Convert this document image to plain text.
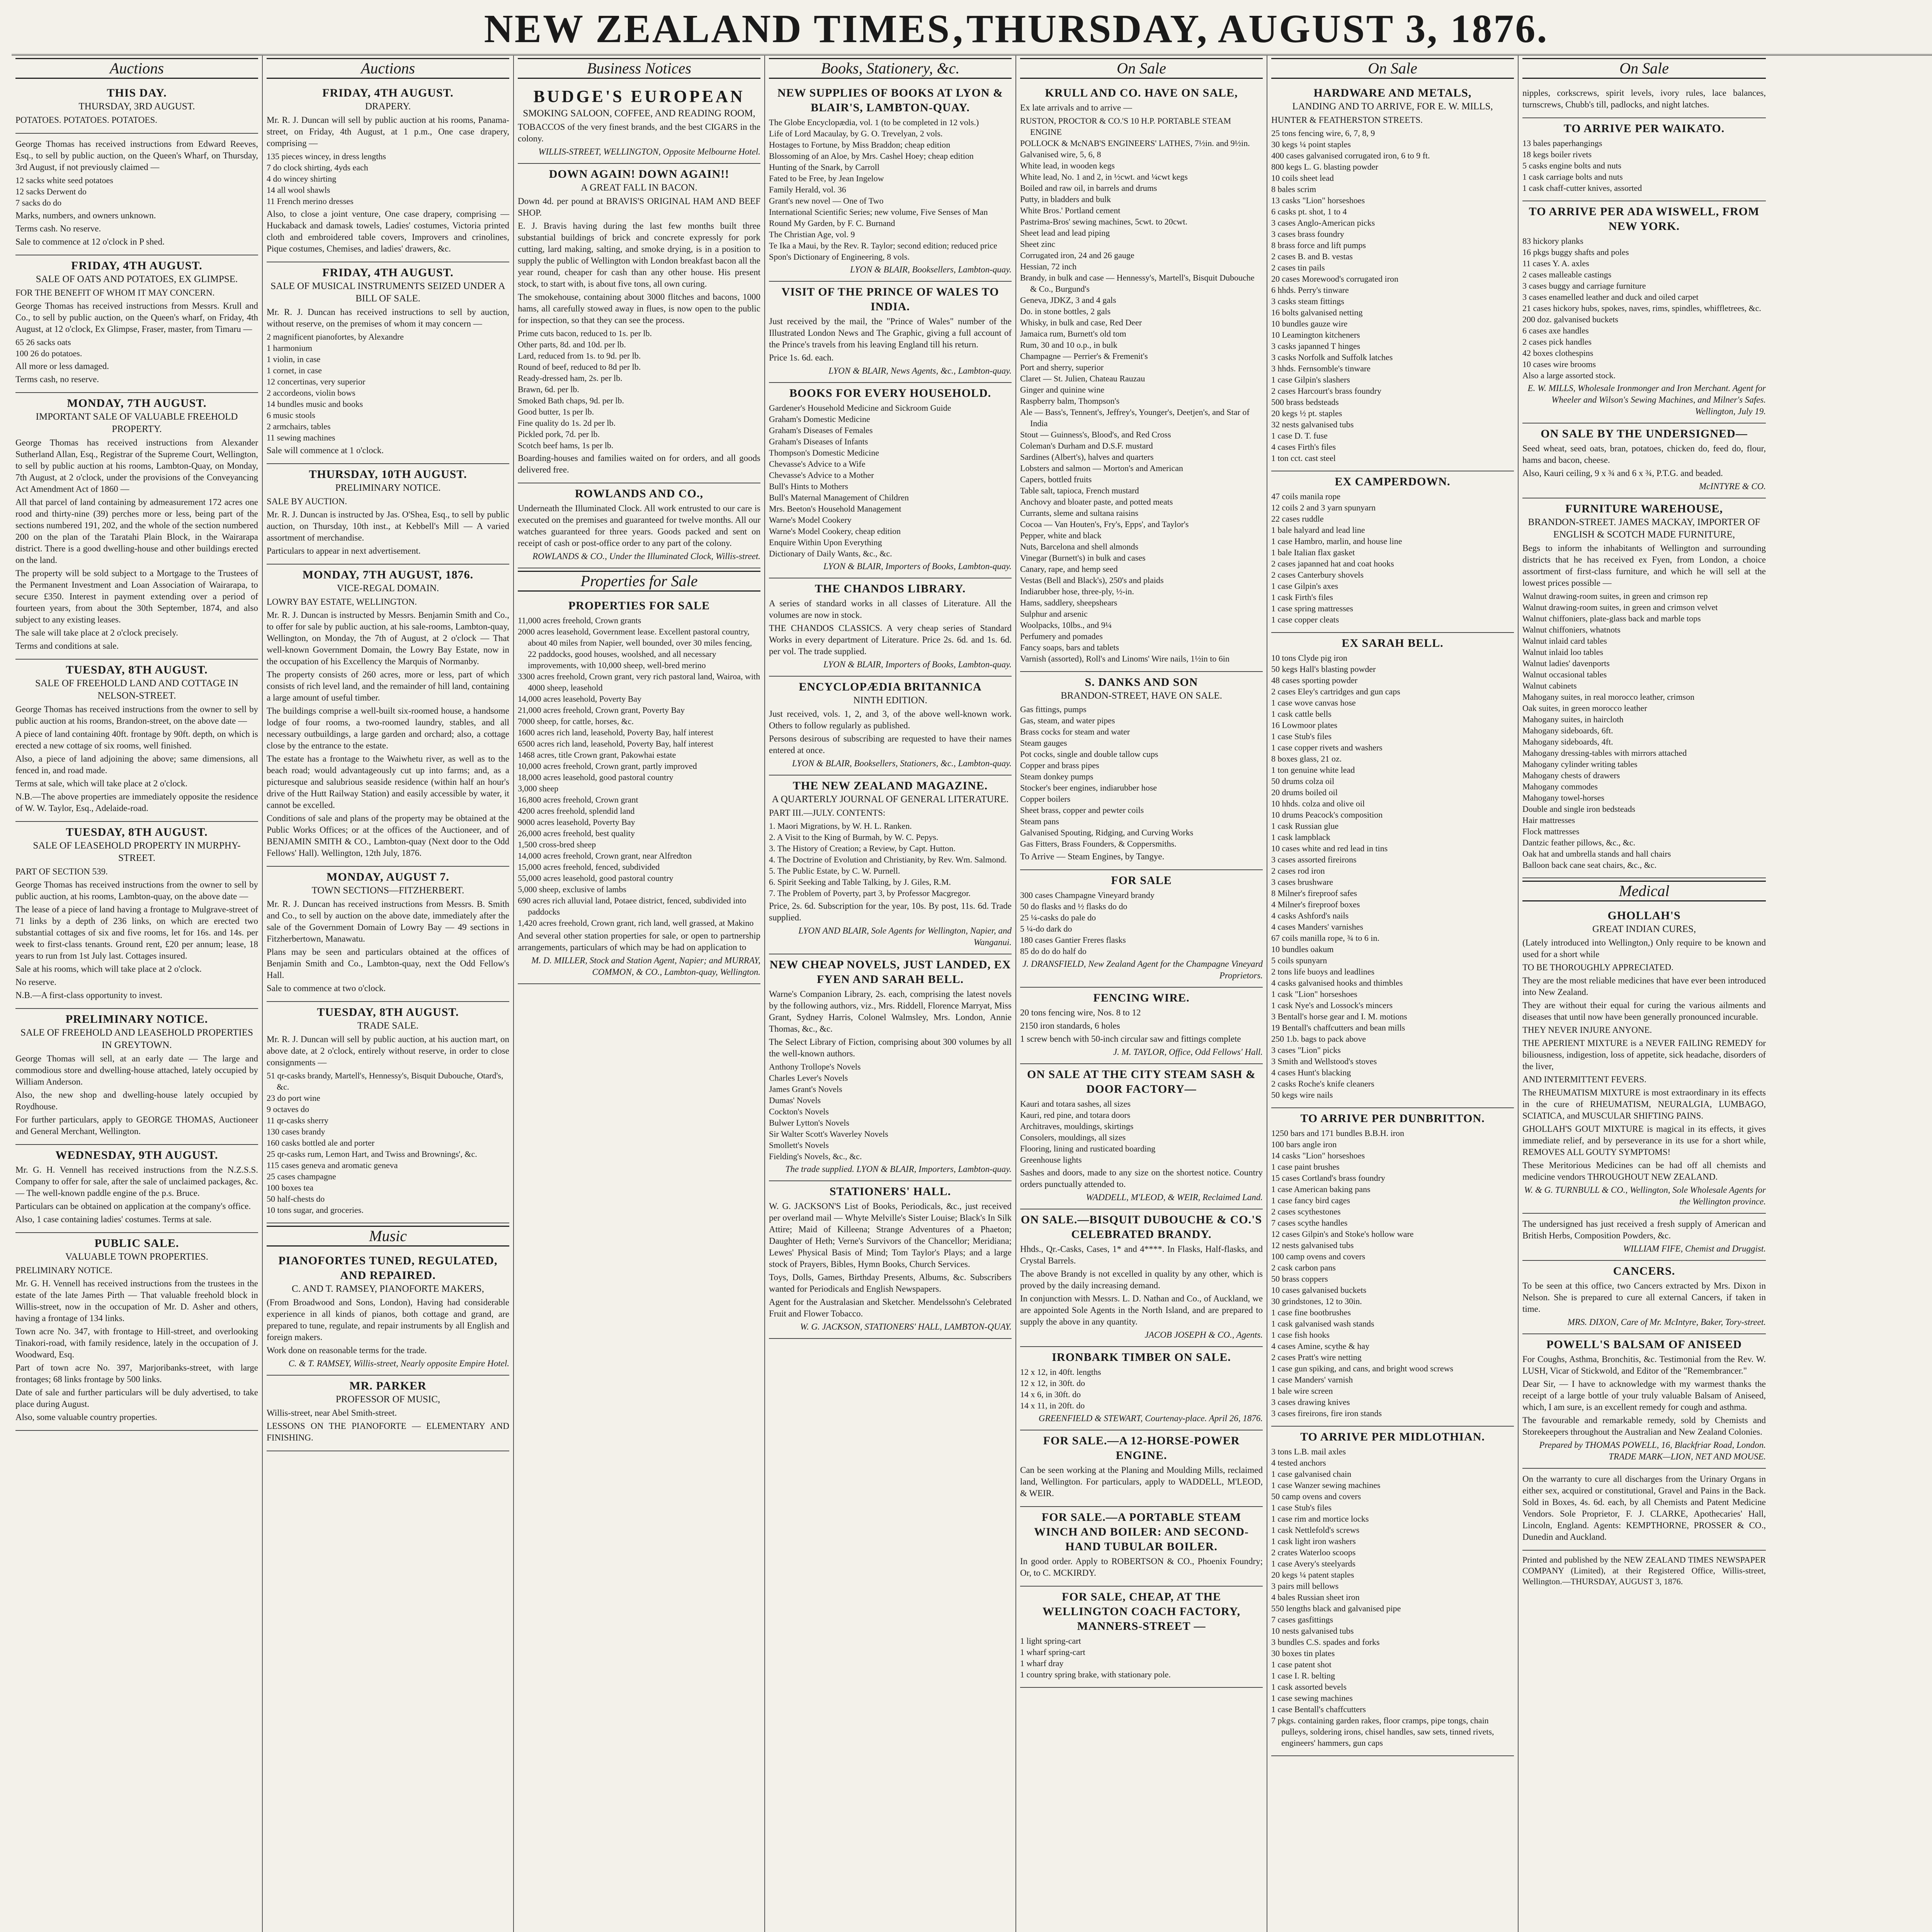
NEW ZEALAND TIMES,THURSDAY, AUGUST 3, 1876.
Auctions
THIS DAY.
THURSDAY, 3RD AUGUST.

POTATOES. POTATOES. POTATOES.

George Thomas has received instructions from Edward Reeves, Esq., to sell by public auction, on the Queen's Wharf, on Thursday, 3rd August, if not previously claimed —

12 sacks white seed potatoes
12 sacks Derwent do
7 sacks do do

Marks, numbers, and owners unknown.

Terms cash. No reserve.

Sale to commence at 12 o'clock in P shed.

FRIDAY, 4TH AUGUST.
SALE OF OATS AND POTATOES, EX GLIMPSE.

FOR THE BENEFIT OF WHOM IT MAY CONCERN.

George Thomas has received instructions from Messrs. Krull and Co., to sell by public auction, on the Queen's wharf, on Friday, 4th August, at 12 o'clock, Ex Glimpse, Fraser, master, from Timaru —

65 26 sacks oats
100 26 do potatoes.

All more or less damaged.

Terms cash, no reserve.

MONDAY, 7TH AUGUST.
IMPORTANT SALE OF VALUABLE FREEHOLD PROPERTY.

George Thomas has received instructions from Alexander Sutherland Allan, Esq., Registrar of the Supreme Court, Wellington, to sell by public auction at his rooms, Lambton-Quay, on Monday, 7th August, at 2 o'clock, under the provisions of the Conveyancing Act Amendment Act of 1860 —

All that parcel of land containing by admeasurement 172 acres one rood and thirty-nine (39) perches more or less, being part of the sections numbered 191, 202, and the whole of the section numbered 200 on the plan of the Taratahi Plain Block, in the Wairarapa district. There is a good dwelling-house and other buildings erected on the land.

The property will be sold subject to a Mortgage to the Trustees of the Permanent Investment and Loan Association of Wairarapa, to secure £350. Interest in payment extending over a period of fourteen years, from about the 30th September, 1874, and also subject to any existing leases.

The sale will take place at 2 o'clock precisely.

Terms and conditions at sale.

TUESDAY, 8TH AUGUST.
SALE OF FREEHOLD LAND AND COTTAGE IN NELSON-STREET.

George Thomas has received instructions from the owner to sell by public auction at his rooms, Brandon-street, on the above date —

A piece of land containing 40ft. frontage by 90ft. depth, on which is erected a new cottage of six rooms, well finished.

Also, a piece of land adjoining the above; same dimensions, all fenced in, and road made.

Terms at sale, which will take place at 2 o'clock.

N.B.—The above properties are immediately opposite the residence of W. W. Taylor, Esq., Adelaide-road.

TUESDAY, 8TH AUGUST.
SALE OF LEASEHOLD PROPERTY IN MURPHY-STREET.

PART OF SECTION 539.

George Thomas has received instructions from the owner to sell by public auction, at his rooms, Lambton-quay, on the above date —

The lease of a piece of land having a frontage to Mulgrave-street of 71 links by a depth of 236 links, on which are erected two substantial cottages of six and five rooms, let for 16s. and 14s. per week to first-class tenants. Ground rent, £20 per annum; lease, 18 years to run from 1st July last. Cottages insured.

Sale at his rooms, which will take place at 2 o'clock.

No reserve.

N.B.—A first-class opportunity to invest.

PRELIMINARY NOTICE.
SALE OF FREEHOLD AND LEASEHOLD PROPERTIES IN GREYTOWN.

George Thomas will sell, at an early date — The large and commodious store and dwelling-house attached, lately occupied by William Anderson.

Also, the new shop and dwelling-house lately occupied by Roydhouse.

For further particulars, apply to GEORGE THOMAS, Auctioneer and General Merchant, Wellington.

WEDNESDAY, 9TH AUGUST.

Mr. G. H. Vennell has received instructions from the N.Z.S.S. Company to offer for sale, after the sale of unclaimed packages, &c. — The well-known paddle engine of the p.s. Bruce.

Particulars can be obtained on application at the company's office.

Also, 1 case containing ladies' costumes. Terms at sale.

PUBLIC SALE.
VALUABLE TOWN PROPERTIES.

PRELIMINARY NOTICE.

Mr. G. H. Vennell has received instructions from the trustees in the estate of the late James Pirth — That valuable freehold block in Willis-street, now in the occupation of Mr. D. Asher and others, having a frontage of 134 links.

Town acre No. 347, with frontage to Hill-street, and overlooking Tinakori-road, with family residence, lately in the occupation of J. Woodward, Esq.

Part of town acre No. 397, Marjoribanks-street, with large frontages; 68 links frontage by 500 links.

Date of sale and further particulars will be duly advertised, to take place during August.

Also, some valuable country properties.

Auctions
FRIDAY, 4TH AUGUST.
DRAPERY.

Mr. R. J. Duncan will sell by public auction at his rooms, Panama-street, on Friday, 4th August, at 1 p.m., One case drapery, comprising —

135 pieces wincey, in dress lengths
7 do clock shirting, 4yds each
4 do wincey shirting
14 all wool shawls
11 French merino dresses

Also, to close a joint venture, One case drapery, comprising — Huckaback and damask towels, Ladies' costumes, Victoria printed cloth and embroidered table covers, Improvers and crinolines, Pique costumes, Chemises, and ladies' drawers, &c.

FRIDAY, 4TH AUGUST.
SALE OF MUSICAL INSTRUMENTS SEIZED UNDER A BILL OF SALE.

Mr. R. J. Duncan has received instructions to sell by auction, without reserve, on the premises of whom it may concern —

2 magnificent pianofortes, by Alexandre
1 harmonium
1 violin, in case
1 cornet, in case
12 concertinas, very superior
2 accordeons, violin bows
14 bundles music and books
6 music stools
2 armchairs, tables
11 sewing machines

Sale will commence at 1 o'clock.

THURSDAY, 10TH AUGUST.
PRELIMINARY NOTICE.

SALE BY AUCTION.

Mr. R. J. Duncan is instructed by Jas. O'Shea, Esq., to sell by public auction, on Thursday, 10th inst., at Kebbell's Mill — A varied assortment of merchandise.

Particulars to appear in next advertisement.

MONDAY, 7TH AUGUST, 1876.
VICE-REGAL DOMAIN.

LOWRY BAY ESTATE, WELLINGTON.

Mr. R. J. Duncan is instructed by Messrs. Benjamin Smith and Co., to offer for sale by public auction, at his sale-rooms, Lambton-quay, Wellington, on Monday, the 7th of August, at 2 o'clock — That well-known Government Domain, the Lowry Bay Estate, now in the occupation of his Excellency the Marquis of Normanby.

The property consists of 260 acres, more or less, part of which consists of rich level land, and the remainder of hill land, containing a large amount of useful timber.

The buildings comprise a well-built six-roomed house, a handsome lodge of four rooms, a two-roomed laundry, stables, and all necessary outbuildings, a large garden and orchard; also, a cottage close by the entrance to the estate.

The estate has a frontage to the Waiwhetu river, as well as to the beach road; would advantageously cut up into farms; and, as a picturesque and salubrious seaside residence (within half an hour's drive of the Hutt Railway Station) and easily accessible by water, it cannot be excelled.

Conditions of sale and plans of the property may be obtained at the Public Works Offices; or at the offices of the Auctioneer, and of BENJAMIN SMITH & CO., Lambton-quay (Next door to the Odd Fellows' Hall). Wellington, 12th July, 1876.

MONDAY, AUGUST 7.
TOWN SECTIONS—FITZHERBERT.

Mr. R. J. Duncan has received instructions from Messrs. B. Smith and Co., to sell by auction on the above date, immediately after the sale of the Government Domain of Lowry Bay — 49 sections in Fitzherbertown, Manawatu.

Plans may be seen and particulars obtained at the offices of Benjamin Smith and Co., Lambton-quay, next the Odd Fellow's Hall.

Sale to commence at two o'clock.

TUESDAY, 8TH AUGUST.
TRADE SALE.

Mr. R. J. Duncan will sell by public auction, at his auction mart, on above date, at 2 o'clock, entirely without reserve, in order to close consignments —

51 qr-casks brandy, Martell's, Hennessy's, Bisquit Dubouche, Otard's, &c.
23 do port wine
9 octaves do
11 qr-casks sherry
130 cases brandy
160 casks bottled ale and porter
25 qr-casks rum, Lemon Hart, and Twiss and Brownings', &c.
115 cases geneva and aromatic geneva
25 cases champagne
100 boxes tea
50 half-chests do
10 tons sugar, and groceries.
Music
PIANOFORTES TUNED, REGULATED, AND REPAIRED.
C. AND T. RAMSEY, PIANOFORTE MAKERS,

(From Broadwood and Sons, London), Having had considerable experience in all kinds of pianos, both cottage and grand, are prepared to tune, regulate, and repair instruments by all English and foreign makers.

Work done on reasonable terms for the trade.

C. & T. RAMSEY, Willis-street, Nearly opposite Empire Hotel.
MR. PARKER
PROFESSOR OF MUSIC,

Willis-street, near Abel Smith-street.

LESSONS ON THE PIANOFORTE — ELEMENTARY AND FINISHING.

Business Notices
BUDGE'S EUROPEAN
SMOKING SALOON, COFFEE, AND READING ROOM,

TOBACCOS of the very finest brands, and the best CIGARS in the colony.

WILLIS-STREET, WELLINGTON, Opposite Melbourne Hotel.
DOWN AGAIN! DOWN AGAIN!!
A GREAT FALL IN BACON.

Down 4d. per pound at BRAVIS'S ORIGINAL HAM AND BEEF SHOP.

E. J. Bravis having during the last few months built three substantial buildings of brick and concrete expressly for pork cutting, lard making, salting, and smoke drying, is in a position to supply the public of Wellington with London breakfast bacon all the year round, cheaper for cash than any other house. His present stock, to start with, is about five tons, all own curing.

The smokehouse, containing about 3000 flitches and bacons, 1000 hams, all carefully stowed away in flues, is now open to the public for inspection, so that they can see the process.

Prime cuts bacon, reduced to 1s. per lb.
Other parts, 8d. and 10d. per lb.
Lard, reduced from 1s. to 9d. per lb.
Round of beef, reduced to 8d per lb.
Ready-dressed ham, 2s. per lb.
Brawn, 6d. per lb.
Smoked Bath chaps, 9d. per lb.
Good butter, 1s per lb.
Fine quality do 1s. 2d per lb.
Pickled pork, 7d. per lb.
Scotch beef hams, 1s per lb.

Boarding-houses and families waited on for orders, and all goods delivered free.

ROWLANDS AND CO.,

Underneath the Illuminated Clock. All work entrusted to our care is executed on the premises and guaranteed for twelve months. All our watches guaranteed for three years. Goods packed and sent on receipt of cash or post-office order to any part of the colony.

ROWLANDS & CO., Under the Illuminated Clock, Willis-street.
Properties for Sale
PROPERTIES FOR SALE
11,000 acres freehold, Crown grants
2000 acres leasehold, Government lease. Excellent pastoral country, about 40 miles from Napier, well bounded, over 30 miles fencing, 22 paddocks, good houses, woolshed, and all necessary improvements, with 10,000 sheep, well-bred merino
3300 acres freehold, Crown grant, very rich pastoral land, Wairoa, with 4000 sheep, leasehold
14,000 acres leasehold, Poverty Bay
21,000 acres freehold, Crown grant, Poverty Bay
7000 sheep, for cattle, horses, &c.
1600 acres rich land, leasehold, Poverty Bay, half interest
6500 acres rich land, leasehold, Poverty Bay, half interest
1468 acres, title Crown grant, Pakowhai estate
10,000 acres freehold, Crown grant, partly improved
18,000 acres leasehold, good pastoral country
3,000 sheep
16,800 acres freehold, Crown grant
4200 acres freehold, splendid land
9000 acres leasehold, Poverty Bay
26,000 acres freehold, best quality
1,500 cross-bred sheep
14,000 acres freehold, Crown grant, near Alfredton
15,000 acres freehold, fenced, subdivided
55,000 acres leasehold, good pastoral country
5,000 sheep, exclusive of lambs
690 acres rich alluvial land, Potaee district, fenced, subdivided into paddocks
1,420 acres freehold, Crown grant, rich land, well grassed, at Makino

And several other station properties for sale, or open to partnership arrangements, particulars of which may be had on application to

M. D. MILLER, Stock and Station Agent, Napier; and MURRAY, COMMON, & CO., Lambton-quay, Wellington.
Books, Stationery, &c.
NEW SUPPLIES OF BOOKS AT LYON & BLAIR'S, LAMBTON-QUAY.
The Globe Encyclopædia, vol. 1 (to be completed in 12 vols.)
Life of Lord Macaulay, by G. O. Trevelyan, 2 vols.
Hostages to Fortune, by Miss Braddon; cheap edition
Blossoming of an Aloe, by Mrs. Cashel Hoey; cheap edition
Hunting of the Snark, by Carroll
Fated to be Free, by Jean Ingelow
Family Herald, vol. 36
Grant's new novel — One of Two
International Scientific Series; new volume, Five Senses of Man
Round My Garden, by F. C. Burnand
The Christian Age, vol. 9
Te Ika a Maui, by the Rev. R. Taylor; second edition; reduced price
Spon's Dictionary of Engineering, 8 vols.
LYON & BLAIR, Booksellers, Lambton-quay.
VISIT OF THE PRINCE OF WALES TO INDIA.

Just received by the mail, the "Prince of Wales" number of the Illustrated London News and The Graphic, giving a full account of the Prince's travels from his leaving England till his return.

Price 1s. 6d. each.

LYON & BLAIR, News Agents, &c., Lambton-quay.
BOOKS FOR EVERY HOUSEHOLD.
Gardener's Household Medicine and Sickroom Guide
Graham's Domestic Medicine
Graham's Diseases of Females
Graham's Diseases of Infants
Thompson's Domestic Medicine
Chevasse's Advice to a Wife
Chevasse's Advice to a Mother
Bull's Hints to Mothers
Bull's Maternal Management of Children
Mrs. Beeton's Household Management
Warne's Model Cookery
Warne's Model Cookery, cheap edition
Enquire Within Upon Everything
Dictionary of Daily Wants, &c., &c.
LYON & BLAIR, Importers of Books, Lambton-quay.
THE CHANDOS LIBRARY.

A series of standard works in all classes of Literature. All the volumes are now in stock.

THE CHANDOS CLASSICS. A very cheap series of Standard Works in every department of Literature. Price 2s. 6d. and 1s. 6d. per vol. The trade supplied.

LYON & BLAIR, Importers of Books, Lambton-quay.
ENCYCLOPÆDIA BRITANNICA
NINTH EDITION.

Just received, vols. 1, 2, and 3, of the above well-known work. Others to follow regularly as published.

Persons desirous of subscribing are requested to have their names entered at once.

LYON & BLAIR, Booksellers, Stationers, &c., Lambton-quay.
THE NEW ZEALAND MAGAZINE.
A QUARTERLY JOURNAL OF GENERAL LITERATURE.

PART III.—JULY. CONTENTS:

1. Maori Migrations, by W. H. L. Ranken.
2. A Visit to the King of Burmah, by W. C. Pepys.
3. The History of Creation; a Review, by Capt. Hutton.
4. The Doctrine of Evolution and Christianity, by Rev. Wm. Salmond.
5. The Public Estate, by C. W. Purnell.
6. Spirit Seeking and Table Talking, by J. Giles, R.M.
7. The Problem of Poverty, part 3, by Professor Macgregor.

Price, 2s. 6d. Subscription for the year, 10s. By post, 11s. 6d. Trade supplied.

LYON AND BLAIR, Sole Agents for Wellington, Napier, and Wanganui.
NEW CHEAP NOVELS, JUST LANDED, EX FYEN AND SARAH BELL.

Warne's Companion Library, 2s. each, comprising the latest novels by the following authors, viz., Mrs. Riddell, Florence Marryat, Miss Grant, Sydney Harris, Colonel Walmsley, Mrs. London, Annie Thomas, &c., &c.

The Select Library of Fiction, comprising about 300 volumes by all the well-known authors.

Anthony Trollope's Novels
Charles Lever's Novels
James Grant's Novels
Dumas' Novels
Cockton's Novels
Bulwer Lytton's Novels
Sir Walter Scott's Waverley Novels
Smollett's Novels
Fielding's Novels, &c., &c.
The trade supplied. LYON & BLAIR, Importers, Lambton-quay.
STATIONERS' HALL.

W. G. JACKSON'S List of Books, Periodicals, &c., just received per overland mail — Whyte Melville's Sister Louise; Black's In Silk Attire; Maid of Killeena; Strange Adventures of a Phaeton; Daughter of Heth; Verne's Survivors of the Chancellor; Meridiana; Lewes' Physical Basis of Mind; Tom Taylor's Plays; and a large stock of Prayers, Bibles, Hymn Books, Church Services.

Toys, Dolls, Games, Birthday Presents, Albums, &c. Subscribers wanted for Periodicals and English Newspapers.

Agent for the Australasian and Sketcher. Mendelssohn's Celebrated Fruit and Flower Tobacco.

W. G. JACKSON, STATIONERS' HALL, LAMBTON-QUAY.
On Sale
KRULL AND CO. HAVE ON SALE,

Ex late arrivals and to arrive —

RUSTON, PROCTOR & CO.'S 10 H.P. PORTABLE STEAM ENGINE
POLLOCK & McNAB'S ENGINEERS' LATHES, 7½in. and 9½in.
Galvanised wire, 5, 6, 8
White lead, in wooden kegs
White lead, No. 1 and 2, in ½cwt. and ¼cwt kegs
Boiled and raw oil, in barrels and drums
Putty, in bladders and bulk
White Bros.' Portland cement
Pastrima-Bros' sewing machines, 5cwt. to 20cwt.
Sheet lead and lead piping
Sheet zinc
Corrugated iron, 24 and 26 gauge
Hessian, 72 inch
Brandy, in bulk and case — Hennessy's, Martell's, Bisquit Dubouche & Co., Burgund's
Geneva, JDKZ, 3 and 4 gals
Do. in stone bottles, 2 gals
Whisky, in bulk and case, Red Deer
Jamaica rum, Burnett's old tom
Rum, 30 and 10 o.p., in bulk
Champagne — Perrier's & Fremenit's
Port and sherry, superior
Claret — St. Julien, Chateau Rauzau
Ginger and quinine wine
Raspberry balm, Thompson's
Ale — Bass's, Tennent's, Jeffrey's, Younger's, Deetjen's, and Star of India
Stout — Guinness's, Blood's, and Red Cross
Coleman's Durham and D.S.F. mustard
Sardines (Albert's), halves and quarters
Lobsters and salmon — Morton's and American
Capers, bottled fruits
Table salt, tapioca, French mustard
Anchovy and bloater paste, and potted meats
Currants, sleme and sultana raisins
Cocoa — Van Houten's, Fry's, Epps', and Taylor's
Pepper, white and black
Nuts, Barcelona and shell almonds
Vinegar (Burnett's) in bulk and cases
Canary, rape, and hemp seed
Vestas (Bell and Black's), 250's and plaids
Indiarubber hose, three-ply, ½-in.
Hams, saddlery, sheepshears
Sulphur and arsenic
Woolpacks, 10lbs., and 9¼
Perfumery and pomades
Fancy soaps, bars and tablets
Varnish (assorted), Roll's and Linoms' Wire nails, 1½in to 6in
S. DANKS AND SON
BRANDON-STREET, HAVE ON SALE.
Gas fittings, pumps
Gas, steam, and water pipes
Brass cocks for steam and water
Steam gauges
Pot cocks, single and double tallow cups
Copper and brass pipes
Steam donkey pumps
Stocker's beer engines, indiarubber hose
Copper boilers
Sheet brass, copper and pewter coils
Steam pans
Galvanised Spouting, Ridging, and Curving Works
Gas Fitters, Brass Founders, & Coppersmiths.

To Arrive — Steam Engines, by Tangye.

FOR SALE
300 cases Champagne Vineyard brandy
50 do flasks and ½ flasks do do
25 ¼-casks do pale do
5 ¼-do dark do
180 cases Gantier Freres flasks
85 do do do half do
J. DRANSFIELD, New Zealand Agent for the Champagne Vineyard Proprietors.
FENCING WIRE.

20 tons fencing wire, Nos. 8 to 12

2150 iron standards, 6 holes

1 screw bench with 50-inch circular saw and fittings complete

J. M. TAYLOR, Office, Odd Fellows' Hall.
ON SALE AT THE CITY STEAM SASH & DOOR FACTORY—
Kauri and totara sashes, all sizes
Kauri, red pine, and totara doors
Architraves, mouldings, skirtings
Consolers, mouldings, all sizes
Flooring, lining and rusticated boarding
Greenhouse lights

Sashes and doors, made to any size on the shortest notice. Country orders punctually attended to.

WADDELL, M'LEOD, & WEIR, Reclaimed Land.
ON SALE.—BISQUIT DUBOUCHE & CO.'S CELEBRATED BRANDY.

Hhds., Qr.-Casks, Cases, 1* and 4****. In Flasks, Half-flasks, and Crystal Barrels.

The above Brandy is not excelled in quality by any other, which is proved by the daily increasing demand.

In conjunction with Messrs. L. D. Nathan and Co., of Auckland, we are appointed Sole Agents in the North Island, and are prepared to supply the above in any quantity.

JACOB JOSEPH & CO., Agents.
IRONBARK TIMBER ON SALE.
12 x 12, in 40ft. lengths
12 x 12, in 30ft. do
14 x 6, in 30ft. do
14 x 11, in 20ft. do
GREENFIELD & STEWART, Courtenay-place. April 26, 1876.
FOR SALE.—A 12-HORSE-POWER ENGINE.

Can be seen working at the Planing and Moulding Mills, reclaimed land, Wellington. For particulars, apply to WADDELL, M'LEOD, & WEIR.

FOR SALE.—A PORTABLE STEAM WINCH AND BOILER: AND SECOND-HAND TUBULAR BOILER.

In good order. Apply to ROBERTSON & CO., Phoenix Foundry; Or, to C. MCKIRDY.

FOR SALE, CHEAP, AT THE WELLINGTON COACH FACTORY, MANNERS-STREET —
1 light spring-cart
1 wharf spring-cart
1 wharf dray
1 country spring brake, with stationary pole.
On Sale
HARDWARE AND METALS,
LANDING AND TO ARRIVE, FOR E. W. MILLS,

HUNTER & FEATHERSTON STREETS.

25 tons fencing wire, 6, 7, 8, 9
30 kegs ¼ point staples
400 cases galvanised corrugated iron, 6 to 9 ft.
800 kegs L. G. blasting powder
10 coils sheet lead
8 bales scrim
13 casks "Lion" horseshoes
6 casks pt. shot, 1 to 4
3 cases Anglo-American picks
3 cases brass foundry
8 brass force and lift pumps
2 cases B. and B. vestas
2 cases tin pails
20 cases Morewood's corrugated iron
6 hhds. Perry's tinware
3 casks steam fittings
16 bolts galvanised netting
10 bundles gauze wire
10 Leamington kitcheners
3 casks japanned T hinges
3 casks Norfolk and Suffolk latches
3 hhds. Fernsomble's tinware
1 case Gilpin's slashers
2 cases Harcourt's brass foundry
500 brass bedsteads
20 kegs ½ pt. staples
32 nests galvanised tubs
1 case D. T. fuse
4 cases Firth's files
1 ton cct. cast steel
EX CAMPERDOWN.
47 coils manila rope
12 coils 2 and 3 yarn spunyarn
22 cases ruddle
1 bale halyard and lead line
1 case Hambro, marlin, and house line
1 bale Italian flax gasket
2 cases japanned hat and coat hooks
2 cases Canterbury shovels
1 case Gilpin's axes
1 cask Firth's files
1 case spring mattresses
1 case copper cleats
EX SARAH BELL.
10 tons Clyde pig iron
50 kegs Hall's blasting powder
48 cases sporting powder
2 cases Eley's cartridges and gun caps
1 case wove canvas hose
1 cask cattle bells
16 Lowmoor plates
1 case Stub's files
1 case copper rivets and washers
8 boxes glass, 21 oz.
1 ton genuine white lead
50 drums colza oil
20 drums boiled oil
10 hhds. colza and olive oil
10 drums Peacock's composition
1 cask Russian glue
1 cask lampblack
10 cases white and red lead in tins
3 cases assorted fireirons
2 cases rod iron
3 cases brushware
8 Milner's fireproof safes
4 Milner's fireproof boxes
4 casks Ashford's nails
4 cases Manders' varnishes
67 coils manilla rope, ¾ to 6 in.
10 bundles oakum
5 coils spunyarn
2 tons life buoys and leadlines
4 casks galvanised hooks and thimbles
1 cask "Lion" horseshoes
1 cask Nye's and Lossock's mincers
3 Bentall's horse gear and I. M. motions
19 Bentall's chaffcutters and bean mills
250 1.b. bags to pack above
3 cases "Lion" picks
3 Smith and Wellstood's stoves
4 cases Hunt's blacking
2 casks Roche's knife cleaners
50 kegs wire nails
TO ARRIVE PER DUNBRITTON.
1250 bars and 171 bundles B.B.H. iron
100 bars angle iron
14 casks "Lion" horseshoes
1 case paint brushes
15 cases Cortland's brass foundry
1 case American baking pans
1 case fancy bird cages
2 cases scythestones
7 cases scythe handles
12 cases Gilpin's and Stoke's hollow ware
12 nests galvanised tubs
100 camp ovens and covers
2 cask carbon pans
50 brass coppers
10 cases galvanised buckets
30 grindstones, 12 to 30in.
1 case fine bootbrushes
1 cask galvanised wash stands
1 case fish hooks
4 cases Amine, scythe & hay
2 cases Pratt's wire netting
1 case gun spiking, and cans, and bright wood screws
1 case Manders' varnish
1 bale wire screen
3 cases drawing knives
3 cases fireirons, fire iron stands
TO ARRIVE PER MIDLOTHIAN.
3 tons L.B. mail axles
4 tested anchors
1 case galvanised chain
1 case Wanzer sewing machines
50 camp ovens and covers
1 case Stub's files
1 case rim and mortice locks
1 cask Nettlefold's screws
1 cask light iron washers
2 crates Waterloo scoops
1 case Avery's steelyards
20 kegs ¼ patent staples
3 pairs mill bellows
4 bales Russian sheet iron
550 lengths black and galvanised pipe
7 cases gasfittings
10 nests galvanised tubs
3 bundles C.S. spades and forks
30 boxes tin plates
1 case patent shot
1 case I. R. belting
1 cask assorted bevels
1 case sewing machines
1 case Bentall's chaffcutters
7 pkgs. containing garden rakes, floor cramps, pipe tongs, chain pulleys, soldering irons, chisel handles, saw sets, tinned rivets, engineers' hammers, gun caps
On Sale

nipples, corkscrews, spirit levels, ivory rules, lace balances, turnscrews, Chubb's till, padlocks, and night latches.

TO ARRIVE PER WAIKATO.
13 bales paperhangings
18 kegs boiler rivets
5 casks engine bolts and nuts
1 cask carriage bolts and nuts
1 cask chaff-cutter knives, assorted
TO ARRIVE PER ADA WISWELL, FROM NEW YORK.
83 hickory planks
16 pkgs buggy shafts and poles
11 cases Y. A. axles
2 cases malleable castings
3 cases buggy and carriage furniture
3 cases enamelled leather and duck and oiled carpet
21 cases hickory hubs, spokes, naves, rims, spindles, whiffletrees, &c.
200 doz. galvanised buckets
6 cases axe handles
2 cases pick handles
42 boxes clothespins
10 cases wire brooms
Also a large assorted stock.
E. W. MILLS, Wholesale Ironmonger and Iron Merchant. Agent for Wheeler and Wilson's Sewing Machines, and Milner's Safes. Wellington, July 19.
ON SALE BY THE UNDERSIGNED—

Seed wheat, seed oats, bran, potatoes, chicken do, feed do, flour, hams and bacon, cheese.

Also, Kauri ceiling, 9 x ¾ and 6 x ¾, P.T.G. and beaded.

McINTYRE & CO.
FURNITURE WAREHOUSE,
BRANDON-STREET. JAMES MACKAY, IMPORTER OF ENGLISH & SCOTCH MADE FURNITURE,

Begs to inform the inhabitants of Wellington and surrounding districts that he has received ex Fyen, from London, a choice assortment of first-class furniture, and which he will sell at the lowest prices possible —

Walnut drawing-room suites, in green and crimson rep
Walnut drawing-room suites, in green and crimson velvet
Walnut chiffoniers, plate-glass back and marble tops
Walnut chiffoniers, whatnots
Walnut inlaid card tables
Walnut inlaid loo tables
Walnut ladies' davenports
Walnut occasional tables
Walnut cabinets
Mahogany suites, in real morocco leather, crimson
Oak suites, in green morocco leather
Mahogany suites, in haircloth
Mahogany sideboards, 6ft.
Mahogany sideboards, 4ft.
Mahogany dressing-tables with mirrors attached
Mahogany cylinder writing tables
Mahogany chests of drawers
Mahogany commodes
Mahogany towel-horses
Double and single iron bedsteads
Hair mattresses
Flock mattresses
Dantzic feather pillows, &c., &c.
Oak hat and umbrella stands and hall chairs
Balloon back cane seat chairs, &c., &c.
Medical
GHOLLAH'S
GREAT INDIAN CURES,

(Lately introduced into Wellington,) Only require to be known and used for a short while

TO BE THOROUGHLY APPRECIATED.

They are the most reliable medicines that have ever been introduced into New Zealand.

They are without their equal for curing the various ailments and diseases that until now have been generally pronounced incurable.

THEY NEVER INJURE ANYONE.

THE APERIENT MIXTURE is a NEVER FAILING REMEDY for biliousness, indigestion, loss of appetite, sick headache, disorders of the liver,

AND INTERMITTENT FEVERS.

The RHEUMATISM MIXTURE is most extraordinary in its effects in the cure of RHEUMATISM, NEURALGIA, LUMBAGO, SCIATICA, and MUSCULAR SHIFTING PAINS.

GHOLLAH'S GOUT MIXTURE is magical in its effects, it gives immediate relief, and by perseverance in its use for a short while, REMOVES ALL GOUTY SYMPTOMS!

These Meritorious Medicines can be had off all chemists and medicine vendors THROUGHOUT NEW ZEALAND.

W. & G. TURNBULL & CO., Wellington, Sole Wholesale Agents for the Wellington province.

The undersigned has just received a fresh supply of American and British Herbs, Composition Powders, &c.

WILLIAM FIFE, Chemist and Druggist.
CANCERS.

To be seen at this office, two Cancers extracted by Mrs. Dixon in Nelson. She is prepared to cure all external Cancers, if taken in time.

MRS. DIXON, Care of Mr. McIntyre, Baker, Tory-street.
POWELL'S BALSAM OF ANISEED

For Coughs, Asthma, Bronchitis, &c. Testimonial from the Rev. W. LUSH, Vicar of Stickwold, and Editor of the "Remembrancer."

Dear Sir, — I have to acknowledge with my warmest thanks the receipt of a large bottle of your truly valuable Balsam of Aniseed, which, I am sure, is an excellent remedy for cough and asthma.

The favourable and remarkable remedy, sold by Chemists and Storekeepers throughout the Australian and New Zealand Colonies.

Prepared by THOMAS POWELL, 16, Blackfriar Road, London. TRADE MARK—LION, NET AND MOUSE.

On the warranty to cure all discharges from the Urinary Organs in either sex, acquired or constitutional, Gravel and Pains in the Back. Sold in Boxes, 4s. 6d. each, by all Chemists and Patent Medicine Vendors. Sole Proprietor, F. J. CLARKE, Apothecaries' Hall, Lincoln, England. Agents: KEMPTHORNE, PROSSER & CO., Dunedin and Auckland.

Printed and published by the NEW ZEALAND TIMES NEWSPAPER COMPANY (Limited), at their Registered Office, Willis-street, Wellington.—THURSDAY, AUGUST 3, 1876.
